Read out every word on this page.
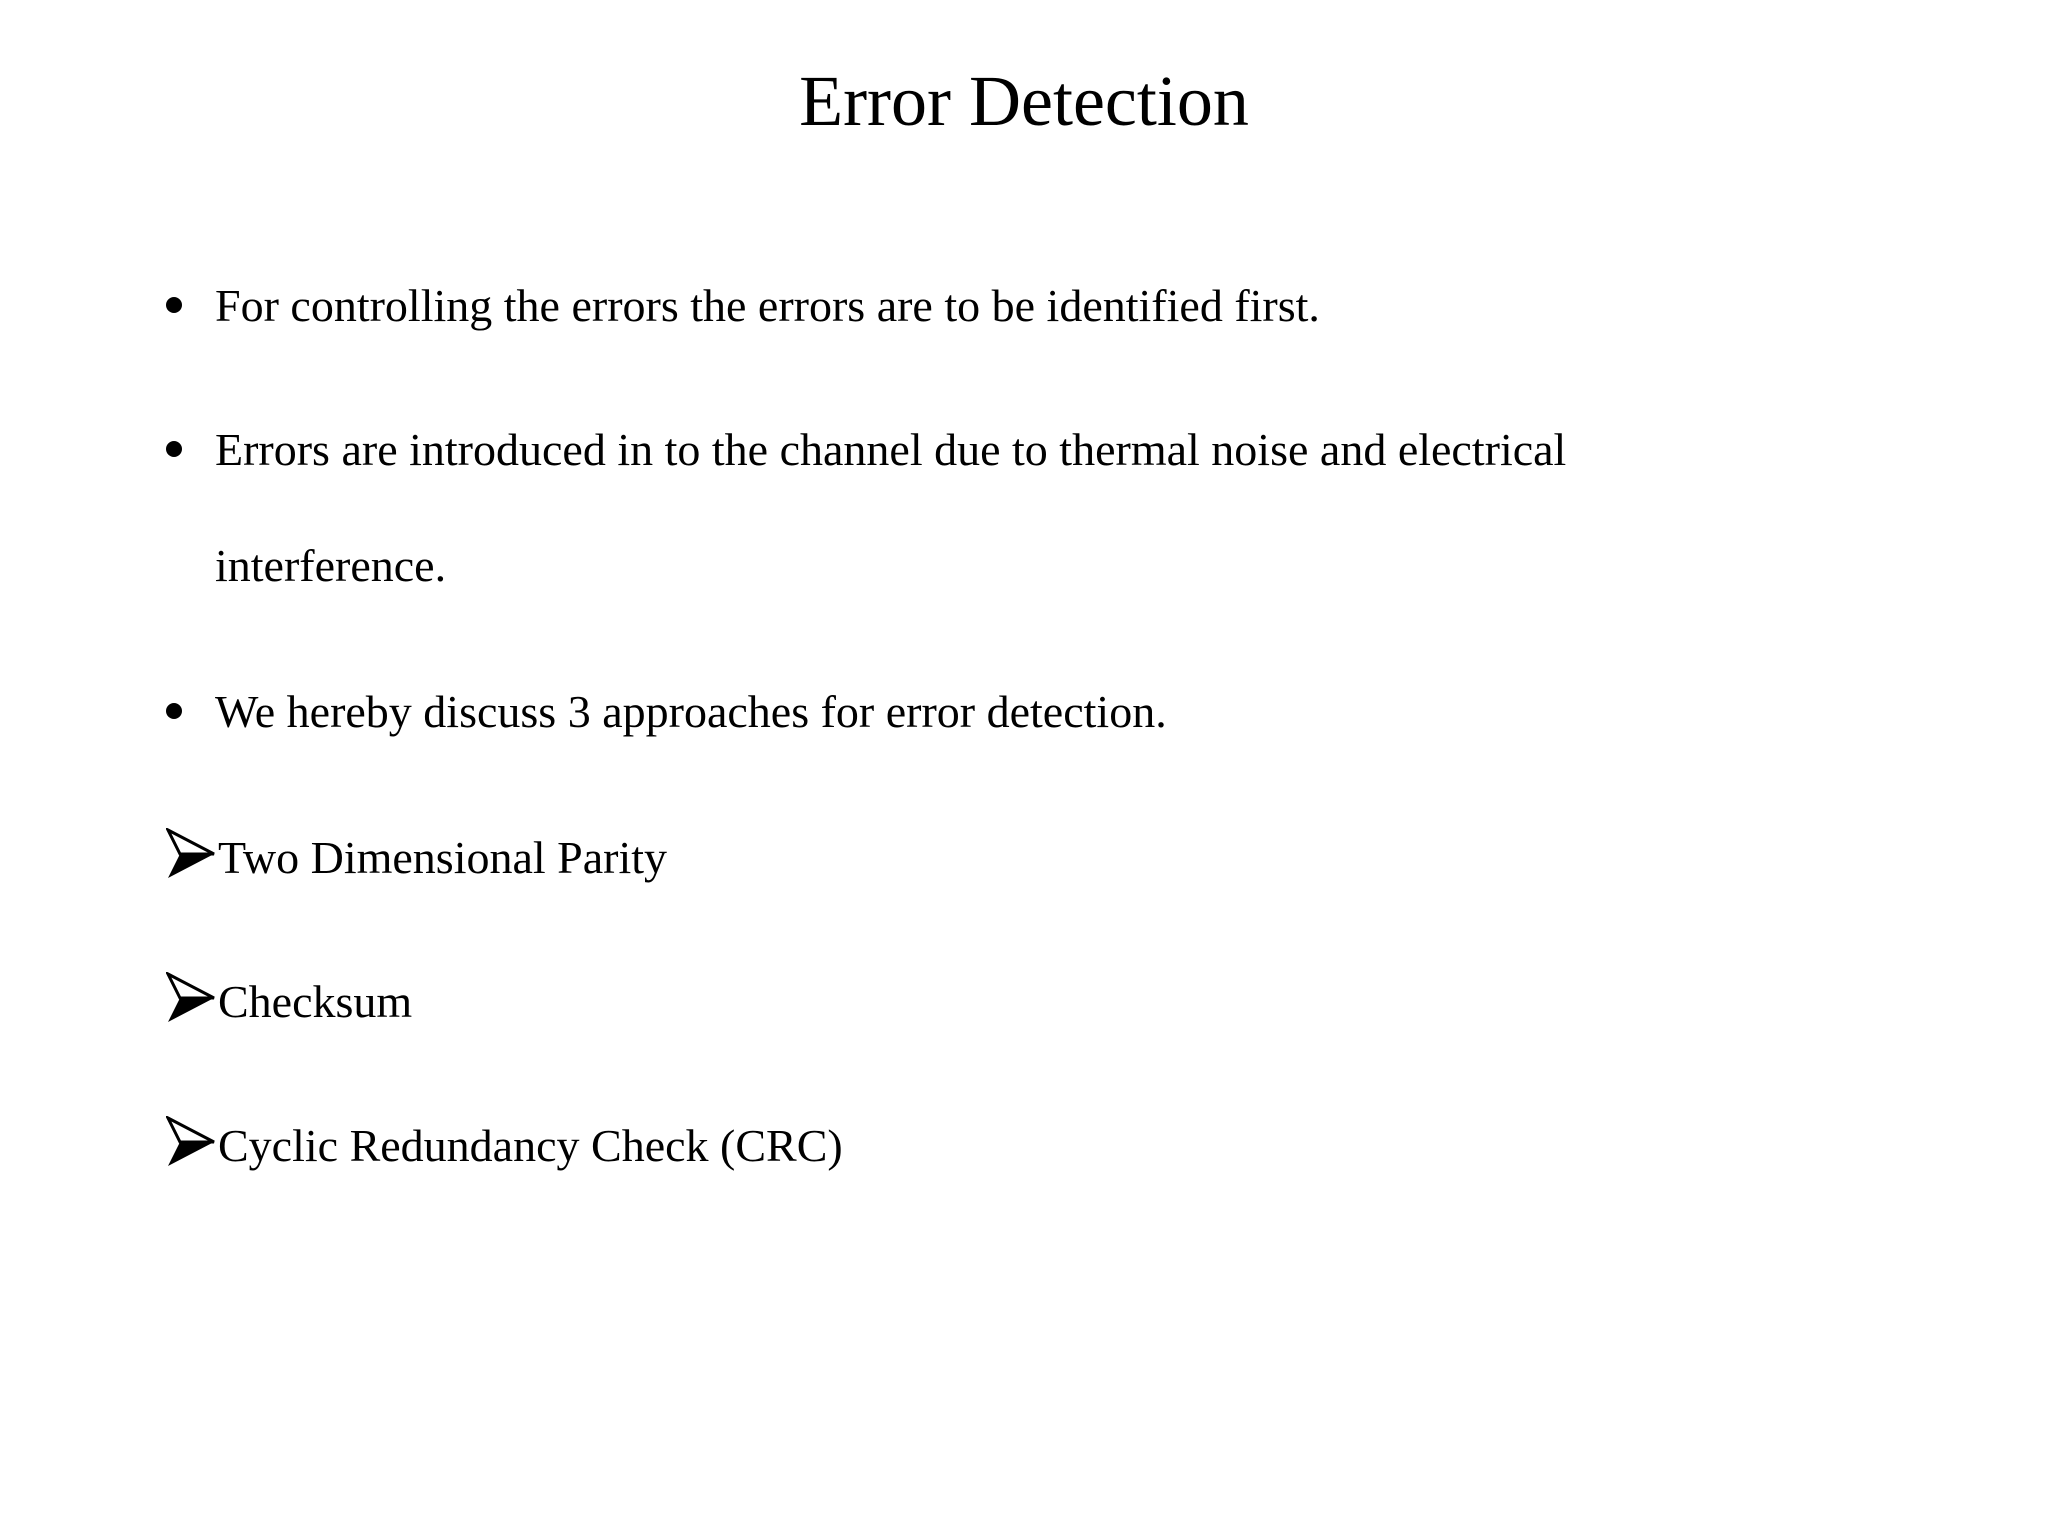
Error Detection
For controlling the errors the errors are to be identified first.
Errors are introduced in to the channel due to thermal noise and electrical interference.
We hereby discuss 3 approaches for error detection.
Two Dimensional Parity
Checksum
Cyclic Redundancy Check (CRC)
